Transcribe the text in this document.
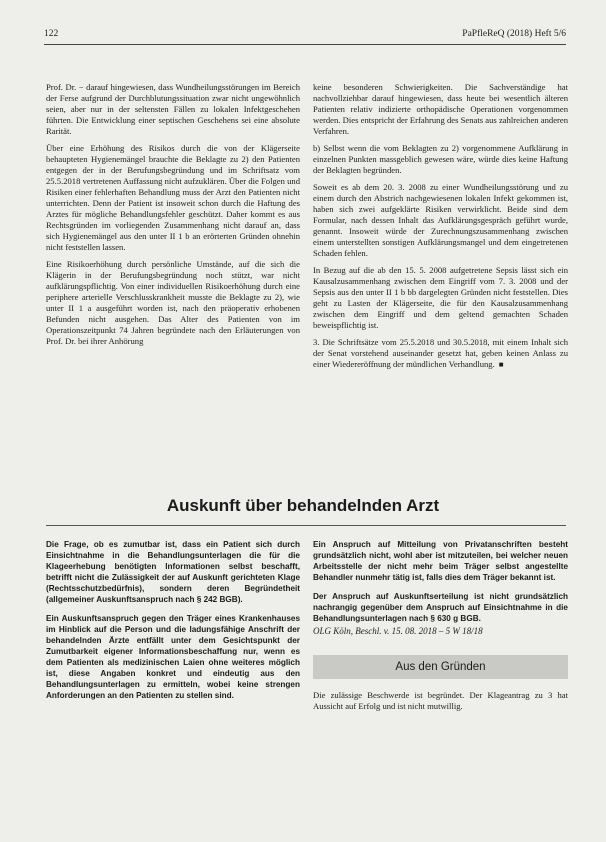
122	PaPfleReQ (2018) Heft 5/6

Prof. Dr. − darauf hingewiesen, dass Wundheilungsstörungen im Bereich der Ferse aufgrund der Durchblutungssituation zwar nicht ungewöhnlich seien, aber nur in der seltensten Fällen zu lokalen Infektgeschehen führten. Die Entwicklung einer septischen Geschehens sei eine absolute Rarität.

Über eine Erhöhung des Risikos durch die von der Klägerseite behaupteten Hygienemängel brauchte die Beklagte zu 2) den Patienten entgegen der in der Berufungsbegründung und im Schriftsatz vom 25.5.2018 vertretenen Auffassung nicht aufzuklären. Über die Folgen und Risiken einer fehlerhaften Behandlung muss der Arzt den Patienten nicht unterrichten. Denn der Patient ist insoweit schon durch die Haftung des Arztes für mögliche Behandlungsfehler geschützt. Daher kommt es aus Rechtsgründen im vorliegenden Zusammenhang nicht darauf an, dass sich Hygienemängel aus den unter II 1 b an erörterten Gründen ohnehin nicht feststellen lassen.

Eine Risikoerhöhung durch persönliche Umstände, auf die sich die Klägerin in der Berufungsbegründung noch stützt, war nicht aufklärungspflichtig. Von einer individuellen Risikoerhöhung durch eine periphere arterielle Verschlusskrankheit musste die Beklagte zu 2), wie unter II 1 a ausgeführt worden ist, nach den präoperativ erhobenen Befunden nicht ausgehen. Das Alter des Patienten von im Operationszeitpunkt 74 Jahren begründete nach den Erläuterungen von Prof. Dr. bei ihrer Anhörung

keine besonderen Schwierigkeiten. Die Sachverständige hat nachvollziehbar darauf hingewiesen, dass heute bei wesentlich älteren Patienten relativ indizierte orthopädische Operationen vorgenommen werden. Dies entspricht der Erfahrung des Senats aus zahlreichen anderen Verfahren.

b) Selbst wenn die vom Beklagten zu 2) vorgenommene Aufklärung in einzelnen Punkten massgeblich gewesen wäre, würde dies keine Haftung der Beklagten begründen.

Soweit es ab dem 20. 3. 2008 zu einer Wundheilungsstörung und zu einem durch den Abstrich nachgewiesenen lokalen Infekt gekommen ist, haben sich zwei aufgeklärte Risiken verwirklicht. Beide sind dem Formular, nach dessen Inhalt das Aufklärungsgespräch geführt wurde, genannt. Insoweit würde der Zurechnungszusammenhang zwischen einem unterstellten sonstigen Aufklärungsmangel und dem eingetretenen Schaden fehlen.

In Bezug auf die ab den 15. 5. 2008 aufgetretene Sepsis lässt sich ein Kausalzusammenhang zwischen dem Eingriff vom 7. 3. 2008 und der Sepsis aus den unter II 1 b bb dargelegten Gründen nicht feststellen. Dies geht zu Lasten der Klägerseite, die für den Kausalzusammenhang zwischen dem Eingriff und dem geltend gemachten Schaden beweispflichtig ist.

3. Die Schriftsätze vom 25.5.2018 und 30.5.2018, mit einem Inhalt sich der Senat vorstehend auseinander gesetzt hat, geben keinen Anlass zu einer Wiedereröffnung der mündlichen Verhandlung. ■

Auskunft über behandelnden Arzt

Die Frage, ob es zumutbar ist, dass ein Patient sich durch Einsichtnahme in die Behandlungsunterlagen die für die Klageerhebung benötigten Informationen selbst beschafft, betrifft nicht die Zulässigkeit der auf Auskunft gerichteten Klage (Rechtsschutzbedürfnis), sondern deren Begründetheit (allgemeiner Auskunftsanspruch nach § 242 BGB).

Ein Auskunftsanspruch gegen den Träger eines Krankenhauses im Hinblick auf die Person und die ladungsfähige Anschrift der behandelnden Ärzte entfällt unter dem Gesichtspunkt der Zumutbarkeit eigener Informationsbeschaffung nur, wenn es dem Patienten als medizinischen Laien ohne weiteres möglich ist, diese Angaben konkret und eindeutig aus den Behandlungsunterlagen zu ermitteln, wobei keine strengen Anforderungen an den Patienten zu stellen sind.

Ein Anspruch auf Mitteilung von Privatanschriften besteht grundsätzlich nicht, wohl aber ist mitzuteilen, bei welcher neuen Arbeitsstelle der nicht mehr beim Träger selbst angestellte Behandler nunmehr tätig ist, falls dies dem Träger bekannt ist.

Der Anspruch auf Auskunftserteilung ist nicht grundsätzlich nachrangig gegenüber dem Anspruch auf Einsichtnahme in die Behandlungsunterlagen nach § 630 g BGB.

OLG Köln, Beschl. v. 15. 08. 2018 – 5 W 18/18
Aus den Gründen
Die zulässige Beschwerde ist begründet. Der Klageantrag zu 3 hat Aussicht auf Erfolg und ist nicht mutwillig.
